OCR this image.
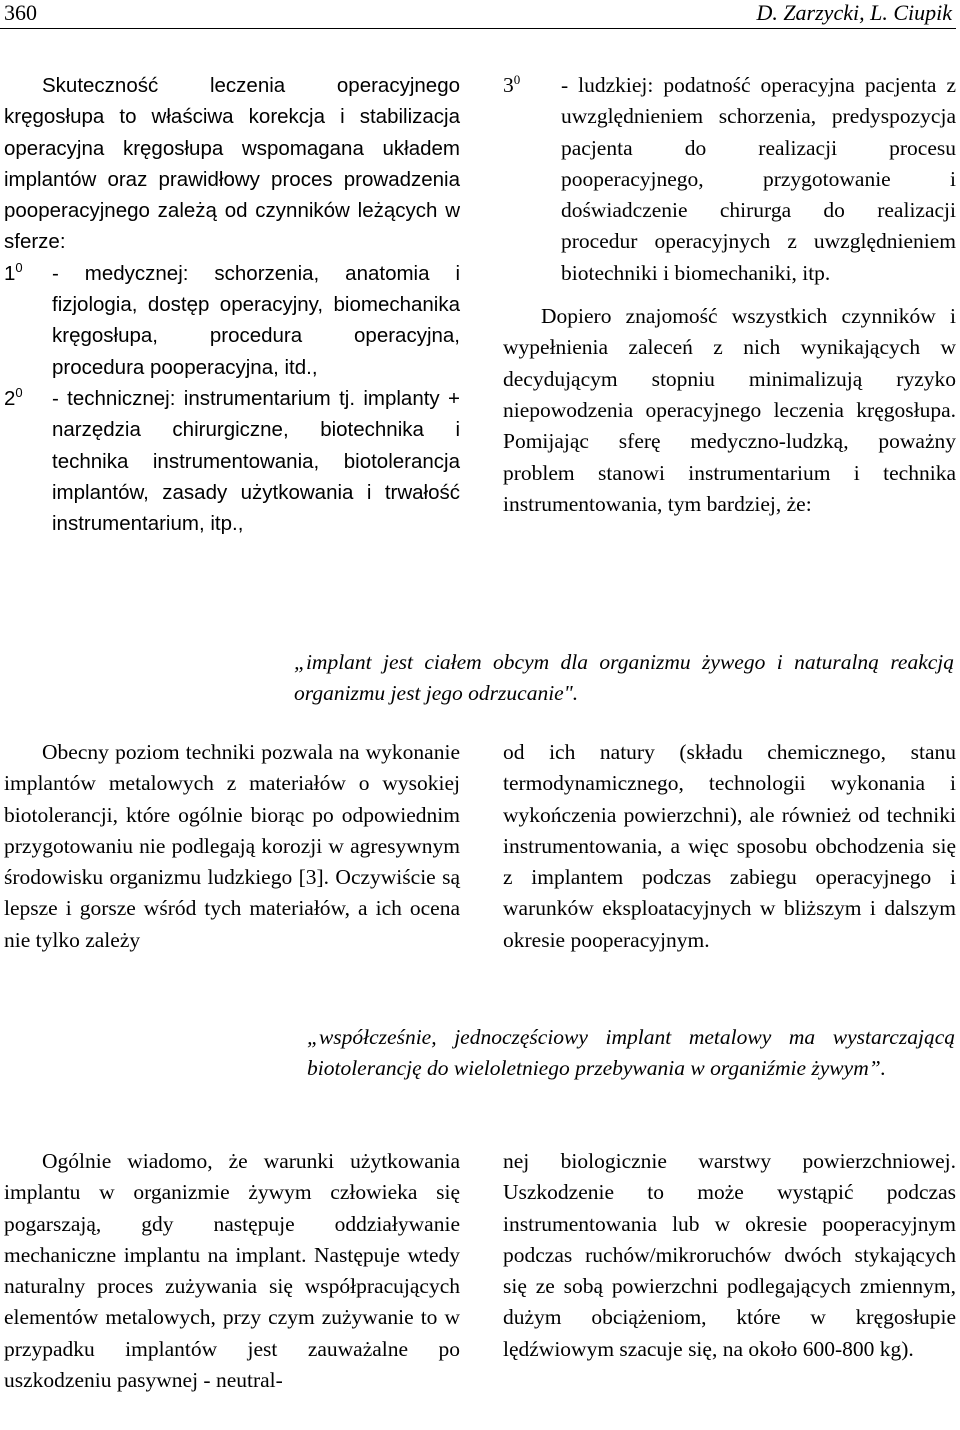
360	D. Zarzycki, L. Ciupik

Skuteczność leczenia operacyjnego kręgosłupa to właściwa korekcja i stabilizacja operacyjna kręgosłupa wspomagana układem implantów oraz prawidłowy proces prowadzenia pooperacyjnego zależą od czynników leżących w sferze:

$1^0$ - medycznej: schorzenia, anatomia i fizjologia, dostęp operacyjny, biomechanika kręgosłupa, procedura operacyjna, procedura pooperacyjna, itd.,
$2^0$ - technicznej: instrumentarium tj. implanty + narzędzia chirurgiczne, biotechnika i technika instrumentowania, biotolerancja implantów, zasady użytkowania i trwałość instrumentarium, itp.,
$3^0$ - ludzkiej: podatność operacyjna pacjenta z uwzględnieniem schorzenia, predyspozycja pacjenta do realizacji procesu pooperacyjnego, przygotowanie i doświadczenie chirurga do realizacji procedur operacyjnych z uwzględnieniem biotechniki i biomechaniki, itp.

Dopiero znajomość wszystkich czynników i wypełnienia zaleceń z nich wynikających w decydującym stopniu minimalizują ryzyko niepowodzenia operacyjnego leczenia kręgosłupa. Pomijając sferę medyczno-ludzką, poważny problem stanowi instrumentarium i technika instrumentowania, tym bardziej, że:

„implant jest ciałem obcym dla organizmu żywego i naturalną reakcją organizmu jest jego odrzucanie".

Obecny poziom techniki pozwala na wykonanie implantów metalowych z materiałów o wysokiej biotolerancji, które ogólnie biorąc po odpowiednim przygotowaniu nie podlegają korozji w agresywnym środowisku organizmu ludzkiego [3]. Oczywiście są lepsze i gorsze wśród tych materiałów, a ich ocena nie tylko zależy

od ich natury (składu chemicznego, stanu termodynamicznego, technologii wykonania i wykończenia powierzchni), ale również od techniki instrumentowania, a więc sposobu obchodzenia się z implantem podczas zabiegu operacyjnego i warunków eksploatacyjnych w bliższym i dalszym okresie pooperacyjnym.

„współcześnie, jednoczęściowy implant metalowy ma wystarczającą biotolerancję do wieloletniego przebywania w organiźmie żywym”.

Ogólnie wiadomo, że warunki użytkowania implantu w organizmie żywym człowieka się pogarszają, gdy następuje oddziaływanie mechaniczne implantu na implant. Następuje wtedy naturalny proces zużywania się współpracujących elementów metalowych, przy czym zużywanie to w przypadku implantów jest zauważalne po uszkodzeniu pasywnej - neutral-

nej biologicznie warstwy powierzchniowej. Uszkodzenie to może wystąpić podczas instrumentowania lub w okresie pooperacyjnym podczas ruchów/mikroruchów dwóch stykających się ze sobą powierzchni podlegających zmiennym, dużym obciążeniom, które w kręgosłupie lędźwiowym szacuje się, na około 600-800 kg).
